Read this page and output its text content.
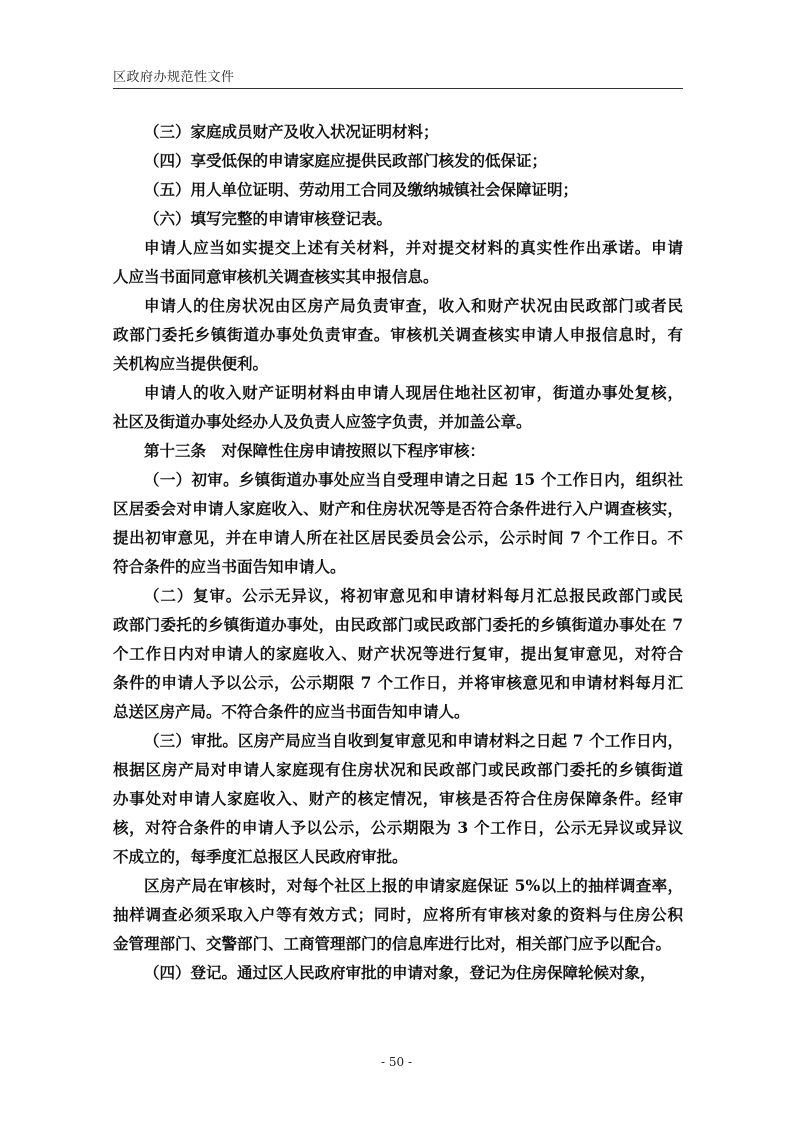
区政府办规范性文件
（三）家庭成员财产及收入状况证明材料；
（四）享受低保的申请家庭应提供民政部门核发的低保证；
（五）用人单位证明、劳动用工合同及缴纳城镇社会保障证明；
（六）填写完整的申请审核登记表。
申请人应当如实提交上述有关材料，并对提交材料的真实性作出承诺。申请
人应当书面同意审核机关调查核实其申报信息。
申请人的住房状况由区房产局负责审查，收入和财产状况由民政部门或者民
政部门委托乡镇街道办事处负责审查。审核机关调查核实申请人申报信息时，有
关机构应当提供便利。
申请人的收入财产证明材料由申请人现居住地社区初审，街道办事处复核，
社区及街道办事处经办人及负责人应签字负责，并加盖公章。
第十三条　对保障性住房申请按照以下程序审核：
（一）初审。乡镇街道办事处应当自受理申请之日起 15 个工作日内，组织社
区居委会对申请人家庭收入、财产和住房状况等是否符合条件进行入户调查核实，
提出初审意见，并在申请人所在社区居民委员会公示，公示时间 7 个工作日。不
符合条件的应当书面告知申请人。
（二）复审。公示无异议，将初审意见和申请材料每月汇总报民政部门或民
政部门委托的乡镇街道办事处，由民政部门或民政部门委托的乡镇街道办事处在 7
个工作日内对申请人的家庭收入、财产状况等进行复审，提出复审意见，对符合
条件的申请人予以公示，公示期限 7 个工作日，并将审核意见和申请材料每月汇
总送区房产局。不符合条件的应当书面告知申请人。
（三）审批。区房产局应当自收到复审意见和申请材料之日起 7 个工作日内，
根据区房产局对申请人家庭现有住房状况和民政部门或民政部门委托的乡镇街道
办事处对申请人家庭收入、财产的核定情况，审核是否符合住房保障条件。经审
核，对符合条件的申请人予以公示，公示期限为 3 个工作日，公示无异议或异议
不成立的，每季度汇总报区人民政府审批。
区房产局在审核时，对每个社区上报的申请家庭保证 5%以上的抽样调查率，
抽样调查必须采取入户等有效方式；同时，应将所有审核对象的资料与住房公积
金管理部门、交警部门、工商管理部门的信息库进行比对，相关部门应予以配合。
（四）登记。通过区人民政府审批的申请对象，登记为住房保障轮候对象，
- 50 -
